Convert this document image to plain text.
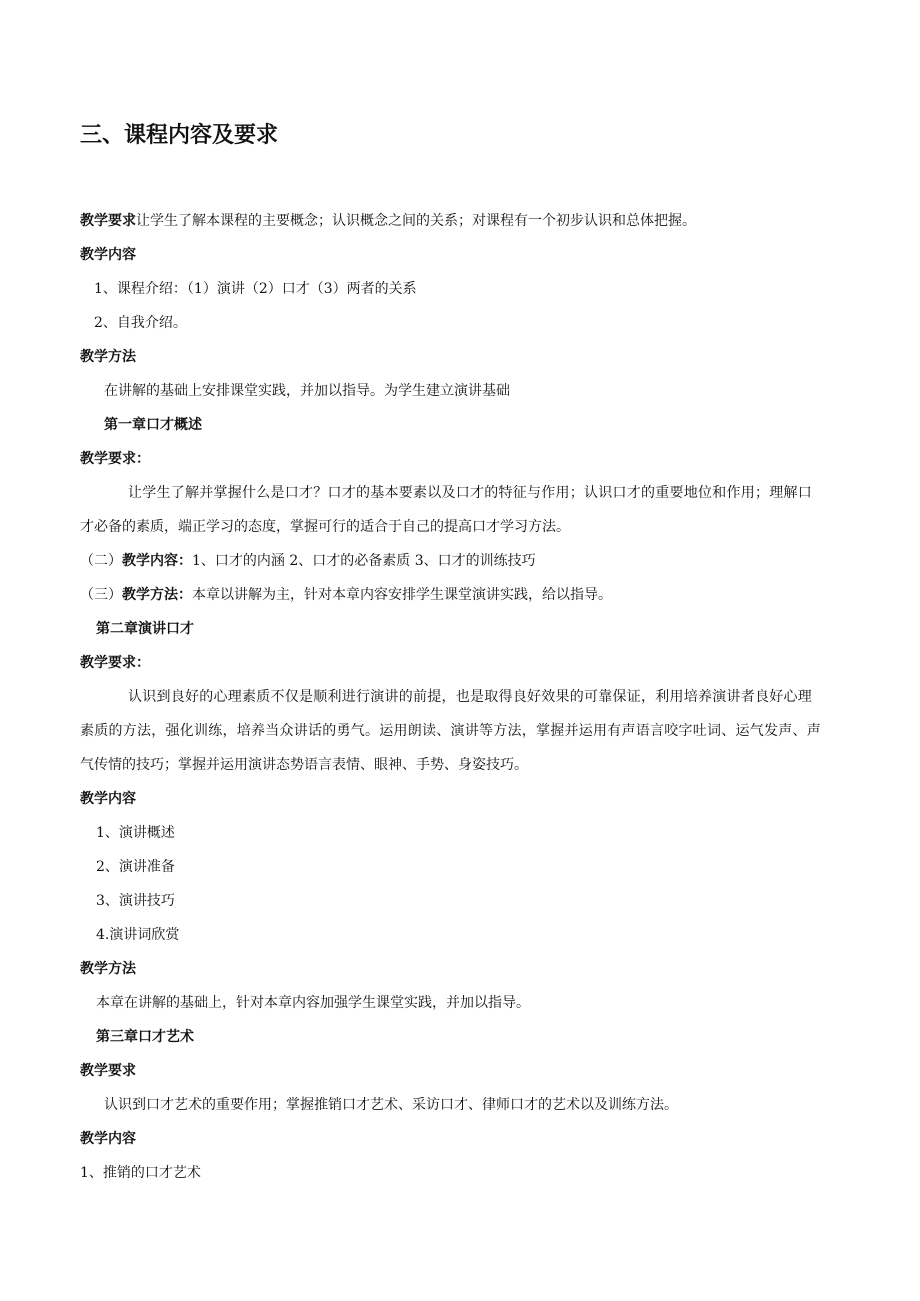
三、课程内容及要求
教学要求让学生了解本课程的主要概念；认识概念之间的关系；对课程有一个初步认识和总体把握。
教学内容
1、课程介绍：（1）演讲（2）口才（3）两者的关系
2、自我介绍。
教学方法
在讲解的基础上安排课堂实践，并加以指导。为学生建立演讲基础
第一章口才概述
教学要求：
让学生了解并掌握什么是口才？口才的基本要素以及口才的特征与作用；认识口才的重要地位和作用；理解口
才必备的素质，端正学习的态度，掌握可行的适合于自己的提高口才学习方法。
（二）教学内容：1、口才的内涵 2、口才的必备素质 3、口才的训练技巧
（三）教学方法：本章以讲解为主，针对本章内容安排学生课堂演讲实践，给以指导。
第二章演讲口才
教学要求：
认识到良好的心理素质不仅是顺利进行演讲的前提，也是取得良好效果的可靠保证，利用培养演讲者良好心理
素质的方法，强化训练，培养当众讲话的勇气。运用朗读、演讲等方法，掌握并运用有声语言咬字吐词、运气发声、声
气传情的技巧；掌握并运用演讲态势语言表情、眼神、手势、身姿技巧。
教学内容
1、演讲概述
2、演讲准备
3、演讲技巧
4.演讲词欣赏
教学方法
本章在讲解的基础上，针对本章内容加强学生课堂实践，并加以指导。
第三章口才艺术
教学要求
认识到口才艺术的重要作用；掌握推销口才艺术、采访口才、律师口才的艺术以及训练方法。
教学内容
1、推销的口才艺术
